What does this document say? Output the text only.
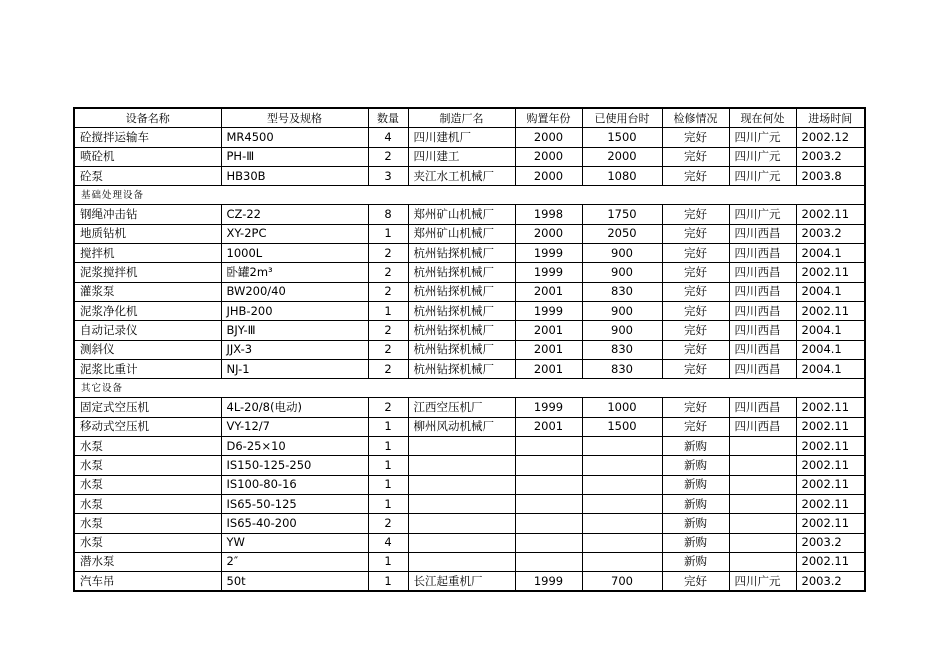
设备名称	型号及规格	数量	制造厂名	购置年份	已使用台时	检修情况	现在何处	进场时间
砼搅拌运输车	MR4500	4	四川建机厂	2000	1500	完好	四川广元	2002.12
喷砼机	PH-Ⅲ	2	四川建工	2000	2000	完好	四川广元	2003.2
砼泵	HB30B	3	夹江水工机械厂	2000	1080	完好	四川广元	2003.8
基础处理设备								
钢绳冲击钻	CZ-22	8	郑州矿山机械厂	1998	1750	完好	四川广元	2002.11
地质钻机	XY-2PC	1	郑州矿山机械厂	2000	2050	完好	四川西昌	2003.2
搅拌机	1000L	2	杭州钻探机械厂	1999	900	完好	四川西昌	2004.1
泥浆搅拌机	卧罐2m³	2	杭州钻探机械厂	1999	900	完好	四川西昌	2002.11
灌浆泵	BW200/40	2	杭州钻探机械厂	2001	830	完好	四川西昌	2004.1
泥浆净化机	JHB-200	1	杭州钻探机械厂	1999	900	完好	四川西昌	2002.11
自动记录仪	BJY-Ⅲ	2	杭州钻探机械厂	2001	900	完好	四川西昌	2004.1
测斜仪	JJX-3	2	杭州钻探机械厂	2001	830	完好	四川西昌	2004.1
泥浆比重计	NJ-1	2	杭州钻探机械厂	2001	830	完好	四川西昌	2004.1
其它设备								
固定式空压机	4L-20/8(电动)	2	江西空压机厂	1999	1000	完好	四川西昌	2002.11
移动式空压机	VY-12/7	1	柳州风动机械厂	2001	1500	完好	四川西昌	2002.11
水泵	D6-25×10	1				新购		2002.11
水泵	IS150-125-250	1				新购		2002.11
水泵	IS100-80-16	1				新购		2002.11
水泵	IS65-50-125	1				新购		2002.11
水泵	IS65-40-200	2				新购		2002.11
水泵	YW	4				新购		2003.2
潜水泵	2″	1				新购		2002.11
汽车吊	50t	1	长江起重机厂	1999	700	完好	四川广元	2003.2
